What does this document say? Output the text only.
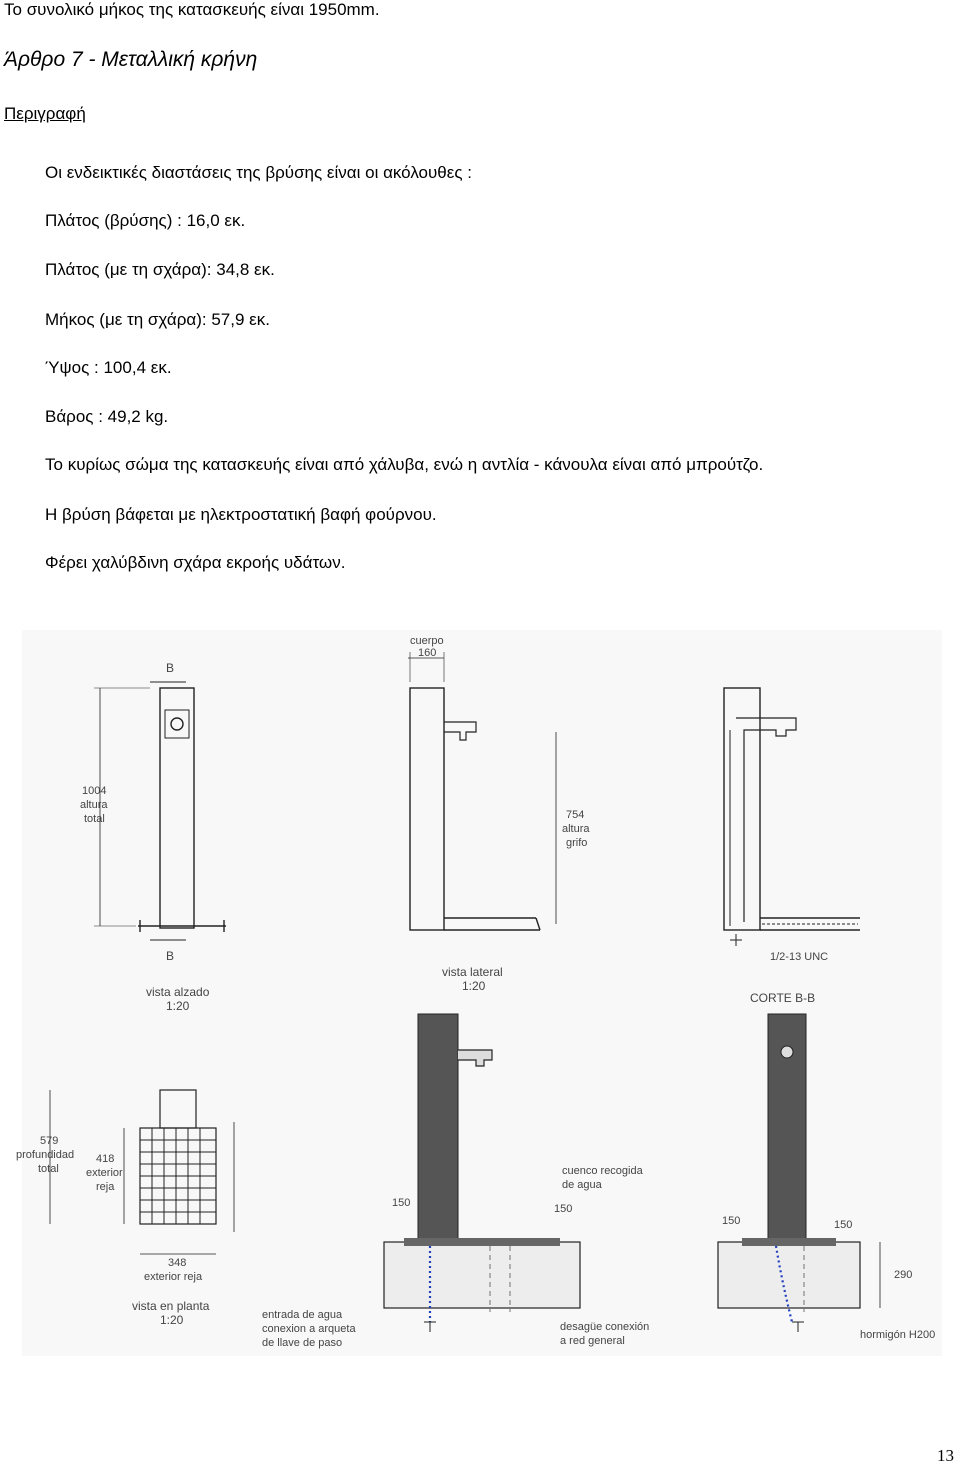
Το συνολικό μήκος της κατασκευής είναι 1950mm.
Άρθρο 7 - Μεταλλική κρήνη
Περιγραφή
Οι ενδεικτικές διαστάσεις της βρύσης είναι οι ακόλουθες :
Πλάτος (βρύσης) : 16,0 εκ.
Πλάτος (με τη σχάρα): 34,8 εκ.
Μήκος (με τη σχάρα): 57,9 εκ.
Ύψος : 100,4 εκ.
Βάρος : 49,2 kg.
Το κυρίως σώμα της κατασκευής είναι από χάλυβα, ενώ η αντλία - κάνουλα είναι από μπρούτζο.
Η βρύση βάφεται με ηλεκτροστατική βαφή φούρνου.
Φέρει χαλύβδινη σχάρα εκροής υδάτων.
B
B
1004
altura
total
vista alzado
1:20
cuerpo
160
754
altura
grifo
vista lateral
1:20
1/2-13 UNC
CORTE B-B
579
profundidad
total
418
exterior
reja
348
exterior reja
vista en planta
1:20
cuenco recogida
de agua
150	150
entrada de agua
conexion a arqueta
de llave de paso
desagüe conexión
a red general
150	150
290
hormigón H200
13
